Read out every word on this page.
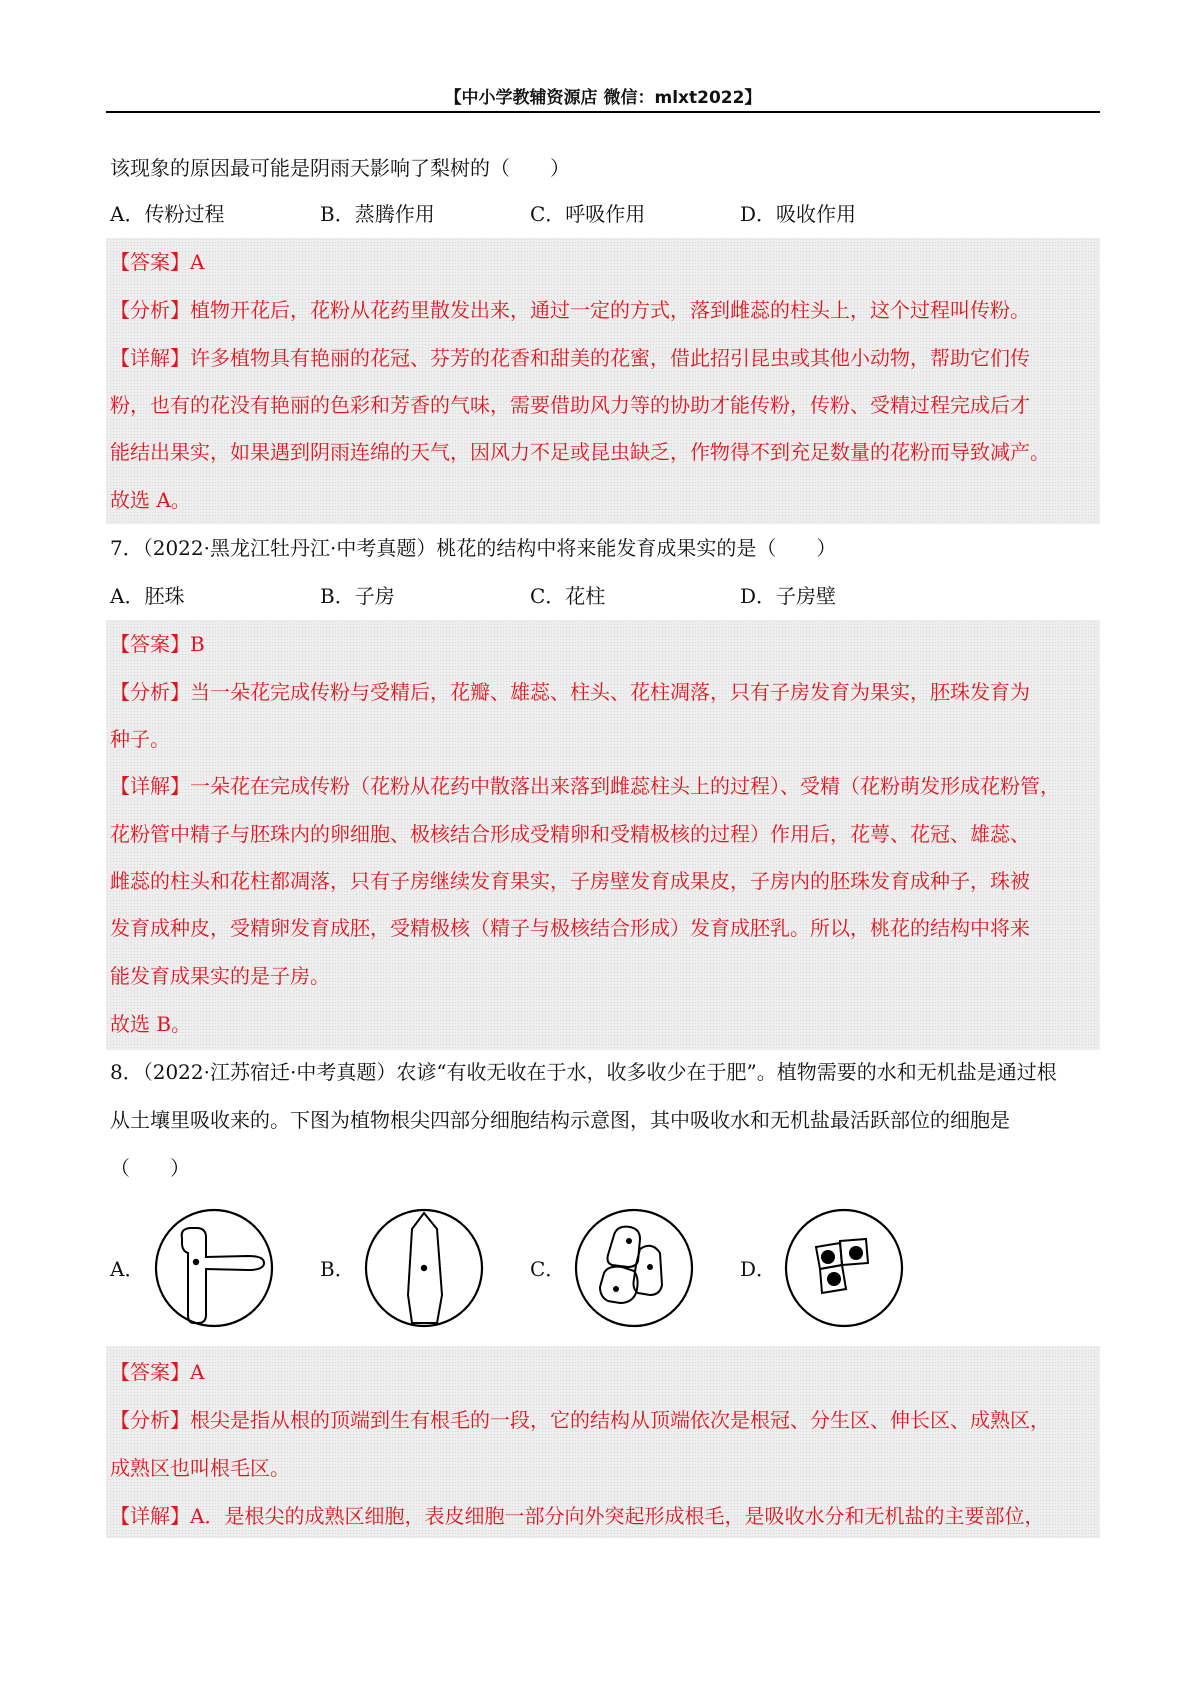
【中小学教辅资源店 微信：mlxt2022】
该现象的原因最可能是阴雨天影响了梨树的（　　）
A．传粉过程	B．蒸腾作用	C．呼吸作用	D．吸收作用
【答案】A
【分析】植物开花后，花粉从花药里散发出来，通过一定的方式，落到雌蕊的柱头上，这个过程叫传粉。
【详解】许多植物具有艳丽的花冠、芬芳的花香和甜美的花蜜，借此招引昆虫或其他小动物，帮助它们传
粉，也有的花没有艳丽的色彩和芳香的气味，需要借助风力等的协助才能传粉，传粉、受精过程完成后才
能结出果实，如果遇到阴雨连绵的天气，因风力不足或昆虫缺乏，作物得不到充足数量的花粉而导致减产。
故选 A。
7．（2022·黑龙江牡丹江·中考真题）桃花的结构中将来能发育成果实的是（　　）
A．胚珠	B．子房	C．花柱	D．子房壁
【答案】B
【分析】当一朵花完成传粉与受精后，花瓣、雄蕊、柱头、花柱凋落，只有子房发育为果实，胚珠发育为
种子。
【详解】一朵花在完成传粉（花粉从花药中散落出来落到雌蕊柱头上的过程）、受精（花粉萌发形成花粉管，
花粉管中精子与胚珠内的卵细胞、极核结合形成受精卵和受精极核的过程）作用后，花萼、花冠、雄蕊、
雌蕊的柱头和花柱都凋落，只有子房继续发育果实，子房壁发育成果皮，子房内的胚珠发育成种子，珠被
发育成种皮，受精卵发育成胚，受精极核（精子与极核结合形成）发育成胚乳。所以，桃花的结构中将来
能发育成果实的是子房。
故选 B。
8．（2022·江苏宿迁·中考真题）农谚“有收无收在于水，收多收少在于肥”。植物需要的水和无机盐是通过根
从土壤里吸收来的。下图为植物根尖四部分细胞结构示意图，其中吸收水和无机盐最活跃部位的细胞是
（　　）
A．	B．	C．	D．
【答案】A
【分析】根尖是指从根的顶端到生有根毛的一段，它的结构从顶端依次是根冠、分生区、伸长区、成熟区，
成熟区也叫根毛区。
【详解】A．是根尖的成熟区细胞，表皮细胞一部分向外突起形成根毛，是吸收水分和无机盐的主要部位，
